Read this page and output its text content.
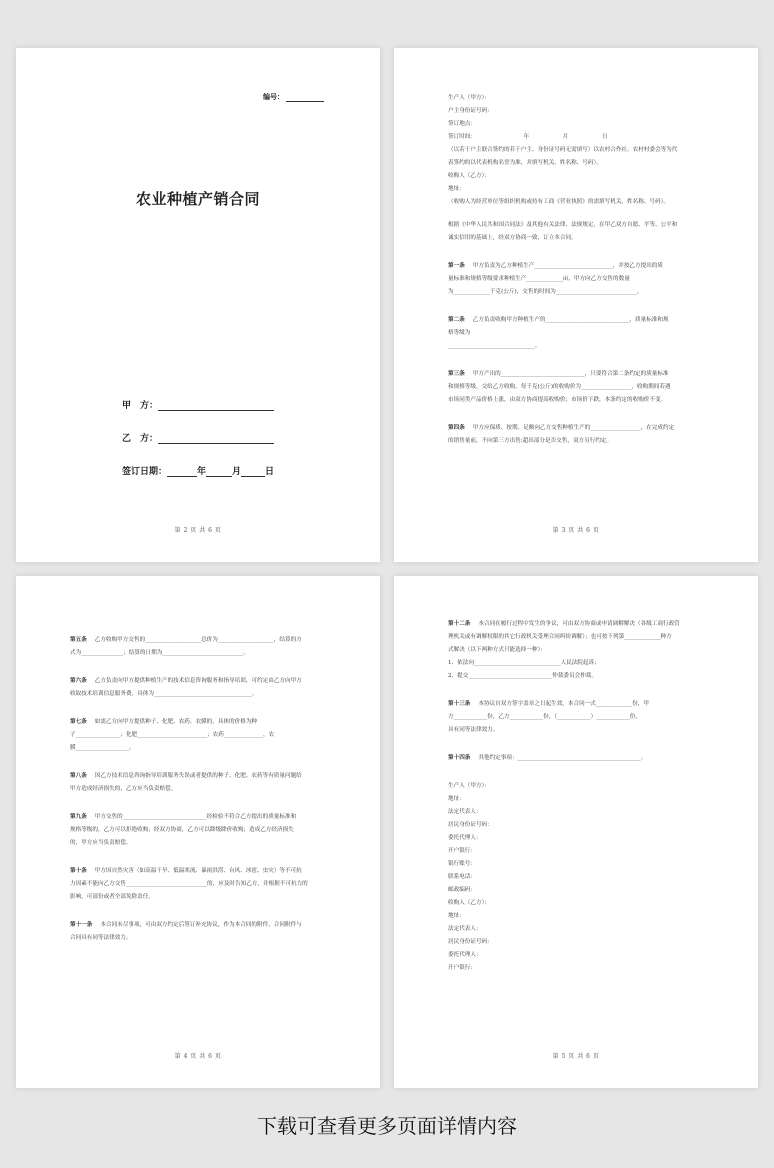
编号：
农业种植产销合同
甲　方：
乙　方：
签订日期：	年	月	日
第 2 页 共 6 页

生产人（甲方）：

户主身份证号码：

签订地点：

签订时间：　　　　　　　　　年　　　　　　月　　　　　　日

（以若干户主联合签约的若干户主、身份证号码无需填写）以农村合作社、农村村委会等为代

表签约的以代表机构名誉为准，并填写机关、姓名称、号码）。

收购人（乙方）：

地址：

（收购人为经营单位等组织机构或持有工商《营业执照》的需填写机关、姓名称、号码）。

根据《中华人民共和国合同法》及其他有关法律、法规规定，在甲乙双方自愿、平等、公平和

诚实信用的基础上，经双方协商一致，订立本合同。

第一条 甲方负责为乙方种植生产____________________________，并按乙方提出的质

量标准和规格等级要求种植生产_____________亩，甲方向乙方交售的数量

为_____________千克(公斤)，交售的时间为_____________________________。

第二条 乙方负责收购甲方种植生产的______________________________，质量标准和规

格等级为

_______________________________。

第三条 甲方产出的______________________________，只要符合第二条约定的质量标准

和规格等级，交给乙方收购，每千克(公斤)的收购价为__________________，收购期间若遇

市场同类产品价格上涨，由双方协商提高收购价；市场价下跌，本条约定的收购价不变。

第四条 甲方应保质、按期、足额向乙方交售种植生产的__________________，在完成约定

的销售量前，不向第三方出售;超出部分是否交售，双方另行约定。

第 3 页 共 6 页

第五条 乙方收购甲方交售的____________________总价为____________________，结算的方

式为_______________；结算的日期为_____________________________。

第六条 乙方负责向甲方提供种植生产的技术信息咨询服务和指导培训，可约定由乙方向甲方

收取技术培训信息服务费，具体为___________________________________。

第七条 如需乙方向甲方提供种子、化肥、农药、农膜的，具体的价格为种

子________________；化肥_________________________；农药______________，农

膜___________________。

第八条 因乙方技术信息咨询指导培训服务失误或者提供的种子、化肥、农药等有质量问题给

甲方造成经济损失的，乙方应当负责赔偿。

第九条 甲方交售的______________________________经检验不符合乙方提出的质量标准和

规格等级的，乙方可以拒绝收购；经双方协商，乙方可以降级降价收购；造成乙方经济损失

的，甲方应当负责赔偿。

第十条 甲方因自然灾害（如高温干旱、低温寒流、暴雨洪涝、台风、冰雹、虫灾）等不可抗

力因素不能向乙方交售_____________________________的，应及时告知乙方，并根据不可抗力的

影响，可部份或者全部免除责任。

第十一条 本合同未尽事项，可由双方约定后签订补充协议，作为本合同的附件，合同附件与

合同具有同等法律效力。

第 4 页 共 6 页

第十二条 本合同在履行过程中发生的争议，可由双方协商或申请调解解决（各级工商行政管

理机关或有调解权限的其它行政机关受理合同纠纷调解）；也可按下列第_____________种方

式解决（以下两种方式只能选择一种）：

1、依法向_______________________________人民法院起诉；

2、提交______________________________仲裁委员会仲裁。

第十三条 本协议自双方签字盖章之日起生效，本合同一式_____________份，甲

方____________份，乙方____________份，（____________）____________份，

具有同等法律效力。

第十四条 其他约定事项：____________________________________________。

生产人（甲方）：

地址：

法定代表人：

居民身份证号码：

委托代理人：

开户银行：

银行账号：

联系电话：

邮政编码：

收购人（乙方）：

地址：

法定代表人：

居民身份证号码：

委托代理人：

开户银行：

第 5 页 共 6 页
下载可查看更多页面详情内容
